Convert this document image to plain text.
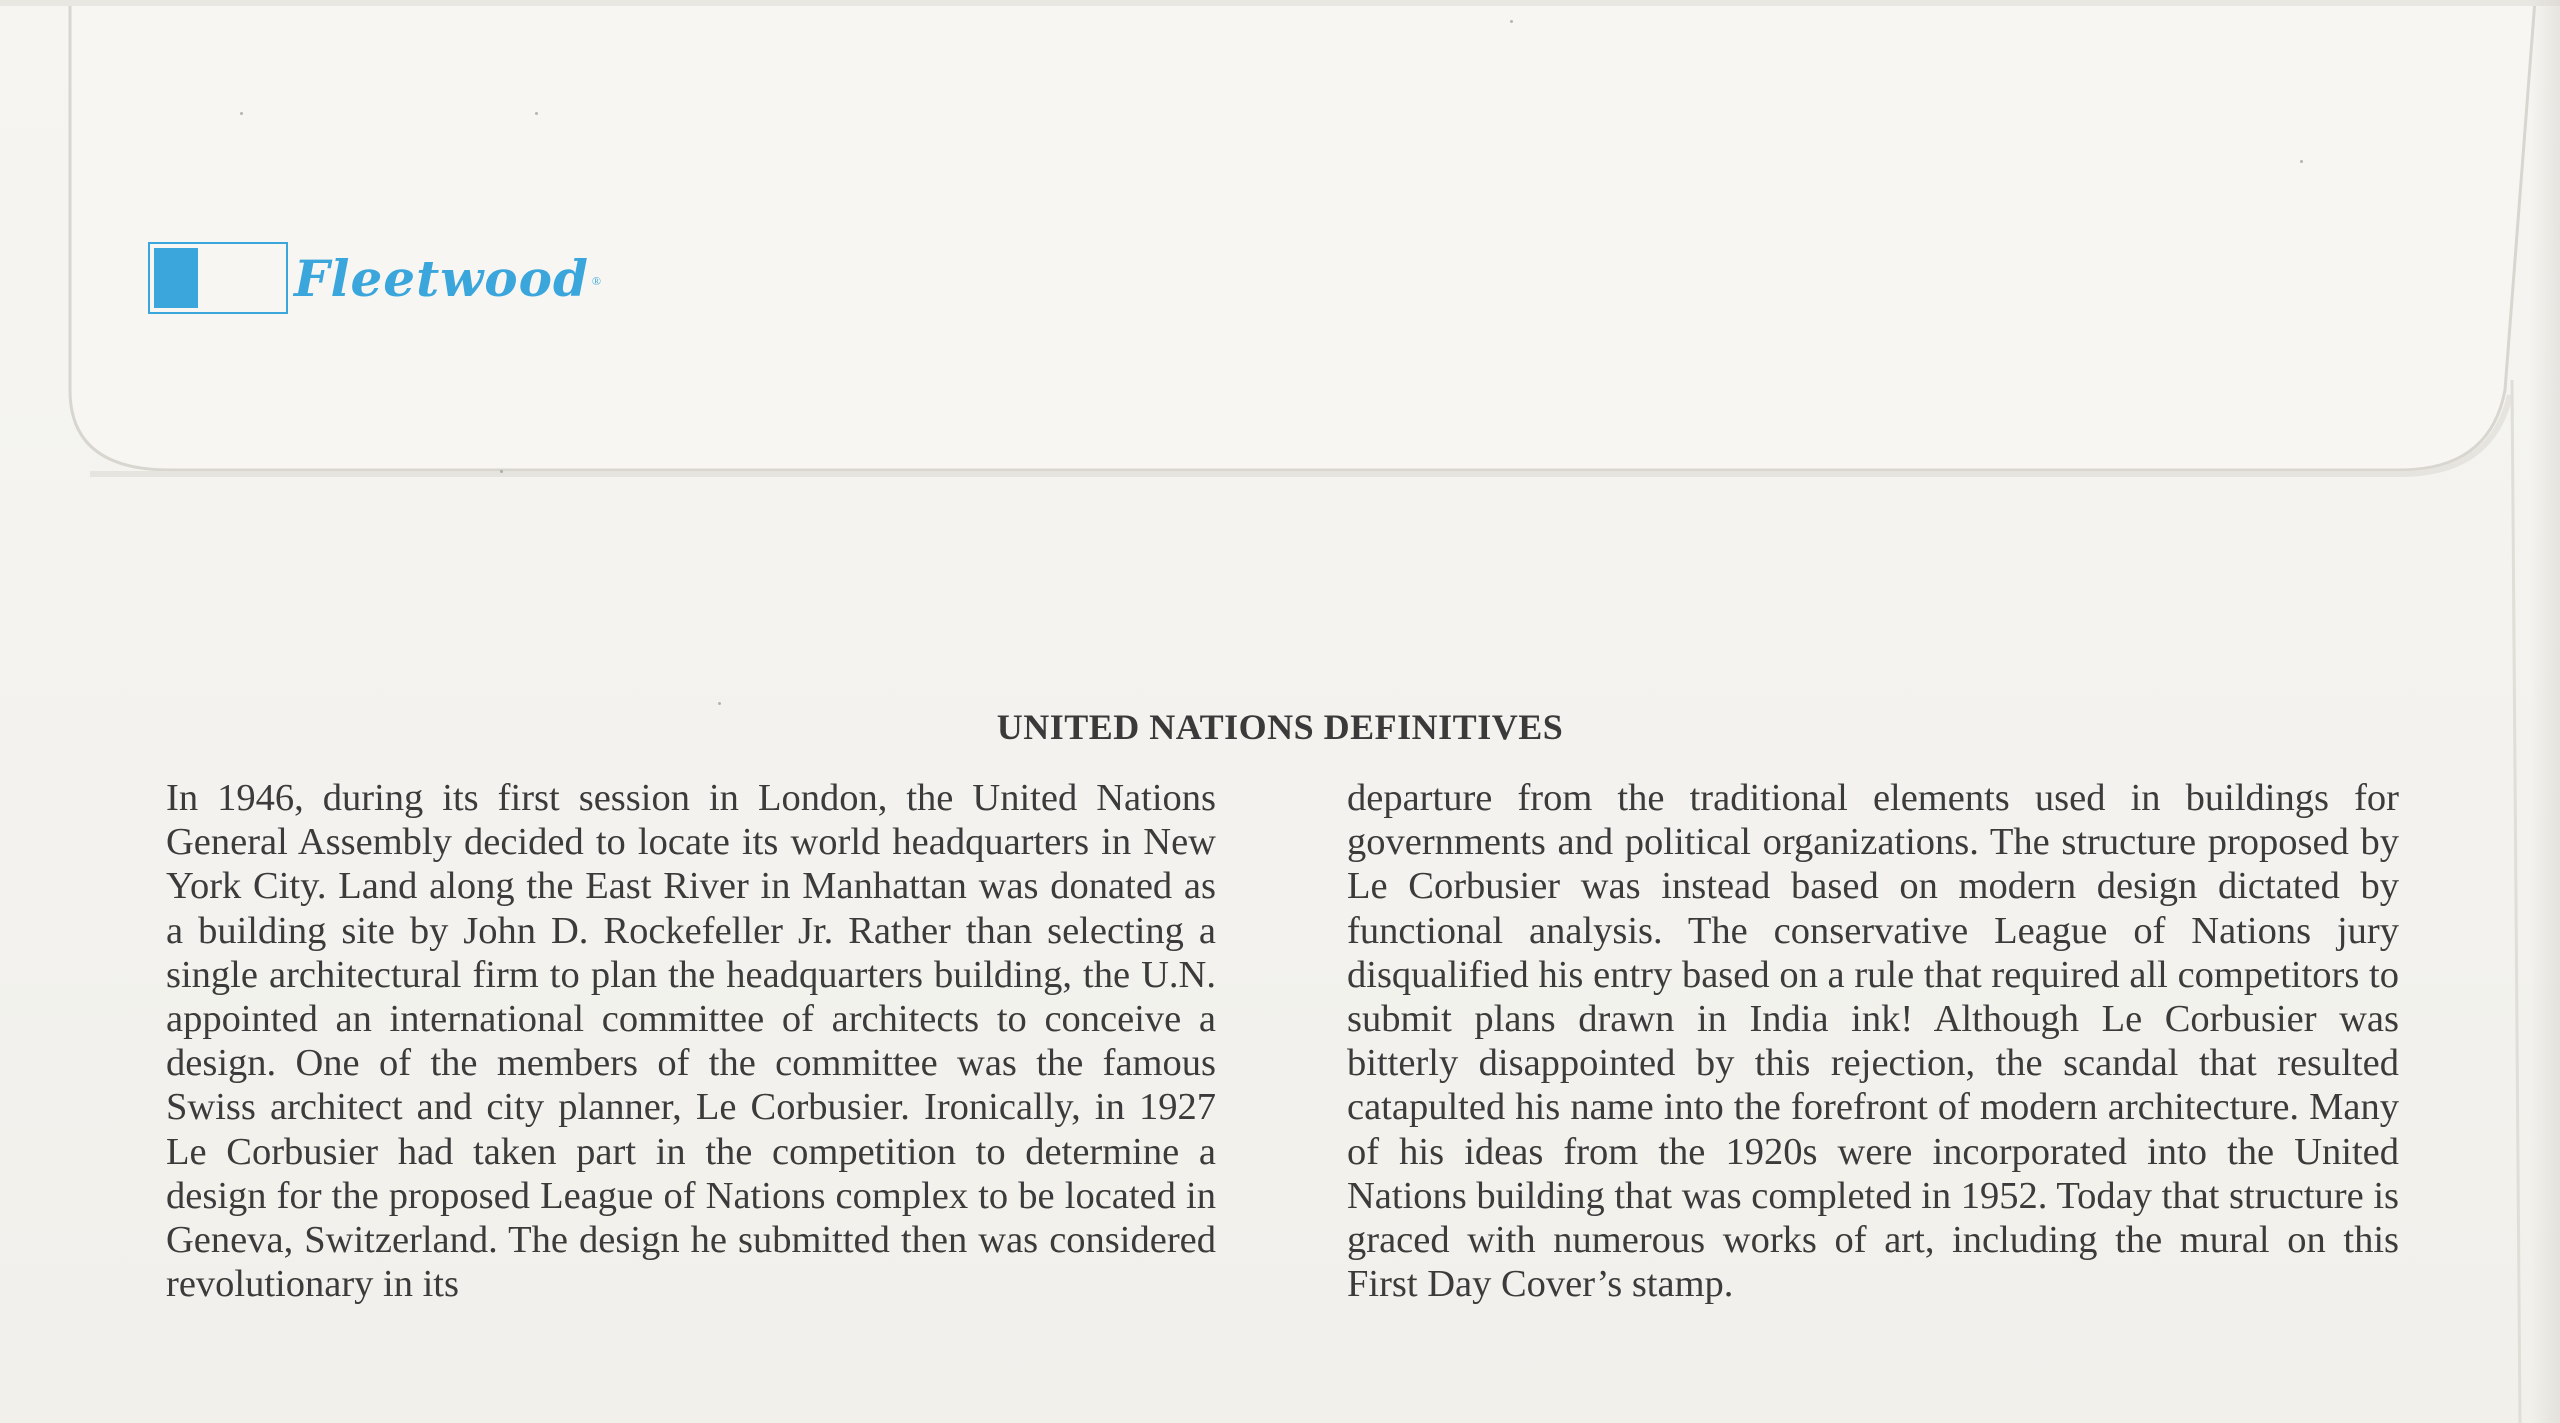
Fleetwood ®
UNITED NATIONS DEFINITIVES

In 1946, during its first session in London, the United Nations General Assembly decided to locate its world headquarters in New York City. Land along the East River in Manhattan was donated as a building site by John D. Rockefeller Jr. Rather than selecting a single architectural firm to plan the headquarters building, the U.N. appointed an international committee of architects to conceive a design. One of the members of the committee was the famous Swiss architect and city planner, Le Corbusier. Ironically, in 1927 Le Corbusier had taken part in the competition to determine a design for the proposed League of Nations complex to be located in Geneva, Switzerland. The design he submitted then was considered revolutionary in its

departure from the traditional elements used in buildings for governments and political organizations. The structure proposed by Le Corbusier was instead based on modern design dictated by functional analysis. The conservative League of Nations jury disqualified his entry based on a rule that required all competitors to submit plans drawn in India ink! Although Le Corbusier was bitterly disappointed by this rejection, the scandal that resulted catapulted his name into the forefront of modern architecture. Many of his ideas from the 1920s were incorporated into the United Nations building that was completed in 1952. Today that structure is graced with numerous works of art, including the mural on this First Day Cover’s stamp.
